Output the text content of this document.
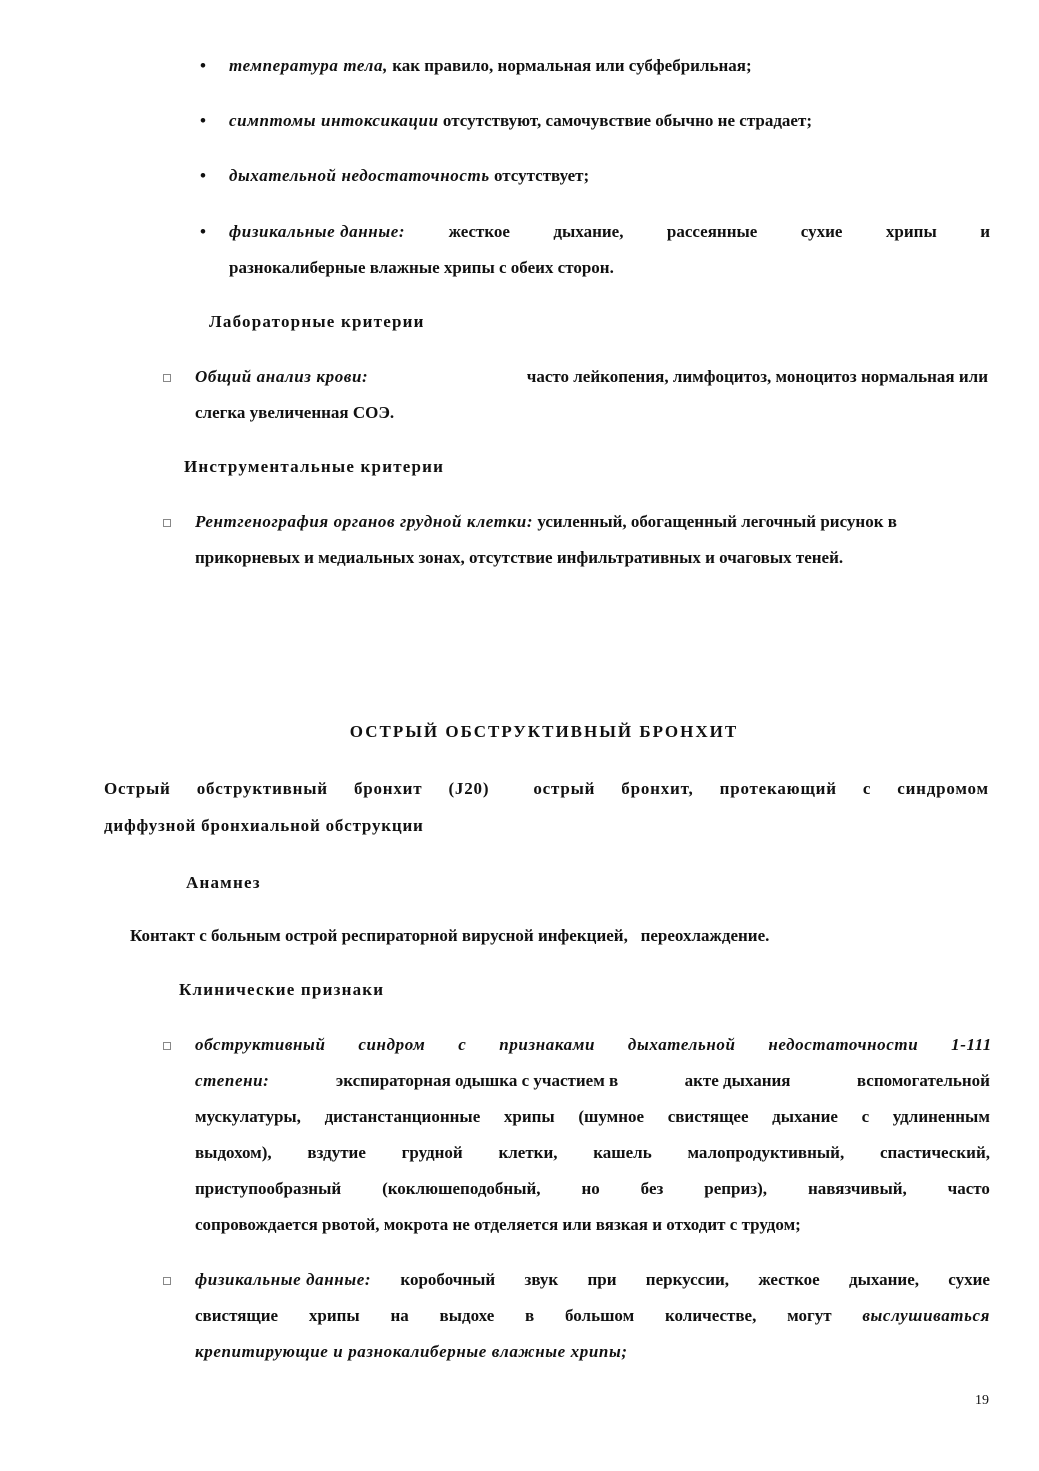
• температура тела, как правило, нормальная или субфебрильная;
• симптомы интоксикации отсутствуют, самочувствие обычно не страдает;
• дыхательной недостаточность отсутствует;
• физикальные данные:	жесткое	дыхание,	рассеянные	сухие	хрипы	и
разнокалиберные влажные хрипы с обеих сторон.
Лабораторные критерии
Общий анализ крови:	часто лейкопения, лимфоцитоз, моноцитоз нормальная или
слегка увеличенная СОЭ.
Инструментальные критерии
Рентгенография органов грудной клетки: усиленный, обогащенный легочный рисунок в
прикорневых и медиальных зонах, отсутствие инфильтративных и очаговых теней.
ОСТРЫЙ ОБСТРУКТИВНЫЙ БРОНХИТ
Острый обструктивный бронхит (J20)	острый бронхит, протекающий с синдромом
диффузной бронхиальной обструкции
Анамнез
Контакт с больным острой респираторной вирусной инфекцией,   переохлаждение.
Клинические признаки
обструктивный синдром с признаками дыхательной недостаточности 1-111
степени:	экспираторная одышка с участием в	акте дыхания	вспомогательной
мускулатуры, дистанстанционные хрипы (шумное свистящее дыхание с удлиненным
выдохом), вздутие грудной клетки, кашель малопродуктивный, спастический,
приступообразный (коклюшеподобный, но без реприз), навязчивый, часто
сопровождается рвотой, мокрота не отделяется или вязкая и отходит с трудом;
физикальные данные: коробочный звук при перкуссии, жесткое дыхание, сухие
свистящие хрипы на выдохе в большом количестве, могут выслушиваться
крепитирующие и разнокалиберные влажные хрипы;
19
